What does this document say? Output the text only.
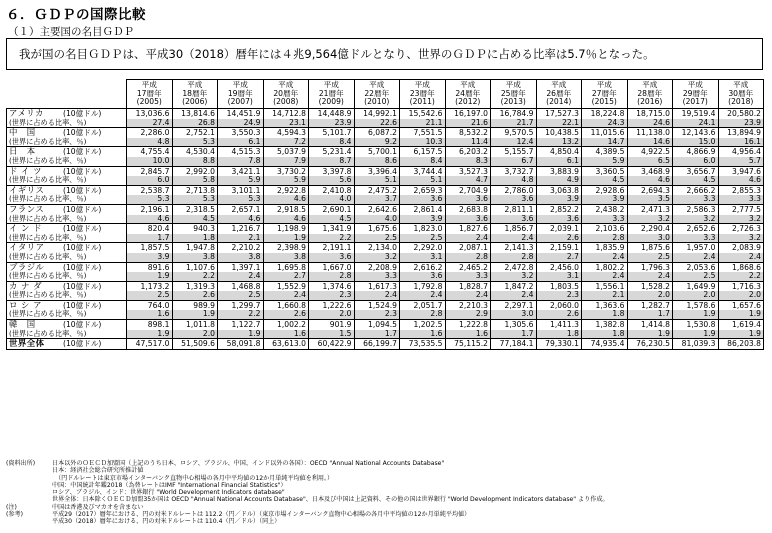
６．ＧＤＰの国際比較
（１）主要国の名目ＧＤＰ
我が国の名目ＧＤＰは、平成30（2018）暦年には４兆9,564億ドルとなり、世界のＧＤＰに占める比率は5.7％となった。
	平成
17暦年
(2005)	平成
18暦年
(2006)	平成
19暦年
(2007)	平成
20暦年
(2008)	平成
21暦年
(2009)	平成
22暦年
(2010)	平成
23暦年
(2011)	平成
24暦年
(2012)	平成
25暦年
(2013)	平成
26暦年
(2014)	平成
27暦年
(2015)	平成
28暦年
(2016)	平成
29暦年
(2017)	平成
30暦年
(2018)
アメリカ (10億ドル)	13,036.6	13,814.6	14,451.9	14,712.8	14,448.9	14,992.1	15,542.6	16,197.0	16,784.9	17,527.3	18,224.8	18,715.0	19,519.4	20,580.2
(世界に占める比率、％)	27.4	26.8	24.9	23.1	23.9	22.6	21.1	21.6	21.7	22.1	24.3	24.6	24.1	23.9
中　国 (10億ドル)	2,286.0	2,752.1	3,550.3	4,594.3	5,101.7	6,087.2	7,551.5	8,532.2	9,570.5	10,438.5	11,015.6	11,138.0	12,143.6	13,894.9
(世界に占める比率、％)	4.8	5.3	6.1	7.2	8.4	9.2	10.3	11.4	12.4	13.2	14.7	14.6	15.0	16.1
日　本 (10億ドル)	4,755.4	4,530.4	4,515.3	5,037.9	5,231.4	5,700.1	6,157.5	6,203.2	5,155.7	4,850.4	4,389.5	4,922.5	4,866.9	4,956.4
(世界に占める比率、％)	10.0	8.8	7.8	7.9	8.7	8.6	8.4	8.3	6.7	6.1	5.9	6.5	6.0	5.7
ド イ ツ (10億ドル)	2,845.7	2,992.0	3,421.1	3,730.2	3,397.8	3,396.4	3,744.4	3,527.3	3,732.7	3,883.9	3,360.5	3,468.9	3,656.7	3,947.6
(世界に占める比率、％)	6.0	5.8	5.9	5.9	5.6	5.1	5.1	4.7	4.8	4.9	4.5	4.6	4.5	4.6
イギリス (10億ドル)	2,538.7	2,713.8	3,101.1	2,922.8	2,410.8	2,475.2	2,659.3	2,704.9	2,786.0	3,063.8	2,928.6	2,694.3	2,666.2	2,855.3
(世界に占める比率、％)	5.3	5.3	5.3	4.6	4.0	3.7	3.6	3.6	3.6	3.9	3.9	3.5	3.3	3.3
フランス (10億ドル)	2,196.1	2,318.5	2,657.1	2,918.5	2,690.1	2,642.6	2,861.4	2,683.8	2,811.1	2,852.2	2,438.2	2,471.3	2,586.3	2,777.5
(世界に占める比率、％)	4.6	4.5	4.6	4.6	4.5	4.0	3.9	3.6	3.6	3.6	3.3	3.2	3.2	3.2
イ ン ド (10億ドル)	820.4	940.3	1,216.7	1,198.9	1,341.9	1,675.6	1,823.0	1,827.6	1,856.7	2,039.1	2,103.6	2,290.4	2,652.6	2,726.3
(世界に占める比率、％)	1.7	1.8	2.1	1.9	2.2	2.5	2.5	2.4	2.4	2.6	2.8	3.0	3.3	3.2
イタリア (10億ドル)	1,857.5	1,947.8	2,210.2	2,398.9	2,191.1	2,134.0	2,292.0	2,087.1	2,141.3	2,159.1	1,835.9	1,875.6	1,957.0	2,083.9
(世界に占める比率、％)	3.9	3.8	3.8	3.8	3.6	3.2	3.1	2.8	2.8	2.7	2.4	2.5	2.4	2.4
ブラジル (10億ドル)	891.6	1,107.6	1,397.1	1,695.8	1,667.0	2,208.9	2,616.2	2,465.2	2,472.8	2,456.0	1,802.2	1,796.3	2,053.6	1,868.6
(世界に占める比率、％)	1.9	2.2	2.4	2.7	2.8	3.3	3.6	3.3	3.2	3.1	2.4	2.4	2.5	2.2
カ ナ ダ (10億ドル)	1,173.2	1,319.3	1,468.8	1,552.9	1,374.6	1,617.3	1,792.8	1,828.7	1,847.2	1,803.5	1,556.1	1,528.2	1,649.9	1,716.3
(世界に占める比率、％)	2.5	2.6	2.5	2.4	2.3	2.4	2.4	2.4	2.4	2.3	2.1	2.0	2.0	2.0
ロ シ ア (10億ドル)	764.0	989.9	1,299.7	1,660.8	1,222.6	1,524.9	2,051.7	2,210.3	2,297.1	2,060.0	1,363.6	1,282.7	1,578.6	1,657.6
(世界に占める比率、％)	1.6	1.9	2.2	2.6	2.0	2.3	2.8	2.9	3.0	2.6	1.8	1.7	1.9	1.9
韓　国 (10億ドル)	898.1	1,011.8	1,122.7	1,002.2	901.9	1,094.5	1,202.5	1,222.8	1,305.6	1,411.3	1,382.8	1,414.8	1,530.8	1,619.4
(世界に占める比率、％)	1.9	2.0	1.9	1.6	1.5	1.7	1.6	1.6	1.7	1.8	1.8	1.9	1.9	1.9
世界全体 (10億ドル)	47,517.0	51,509.6	58,091.8	63,613.0	60,422.9	66,199.7	73,535.5	75,115.2	77,184.1	79,330.1	74,935.4	76,230.5	81,039.3	86,203.8
(資料出所)	日本以外のＯＥＣＤ加盟国（上記のうち日本、ロシア、ブラジル、中国、インド以外の各国）：OECD "Annual National Accounts Database"
日本：経済社会総合研究所推計値
　（円ドルレートは東京市場インターバンク直物中心相場の各月中平均値の12か月単純平均値を利用。）
中国：中国統計年鑑2018（為替レートはIMF "International Financial Statistics"）
ロシア、ブラジル、インド：世界銀行 "World Development Indicators database"
世界全体：日本除くＯＥＣＤ加盟35か国は OECD "Annual National Accounts Database"、日本及び中国は上記資料、その他の国は世界銀行 "World Development Indicators database" より作成。
(注)	中国は香港及びマカオを含まない
(参考)	平成29（2017）暦年における、円の対米ドルレートは 112.2（円／ドル）（東京市場インターバンク直物中心相場の各月中平均値の12か月単純平均値）
平成30（2018）暦年における、円の対米ドルレートは 110.4（円／ドル）（同上）
